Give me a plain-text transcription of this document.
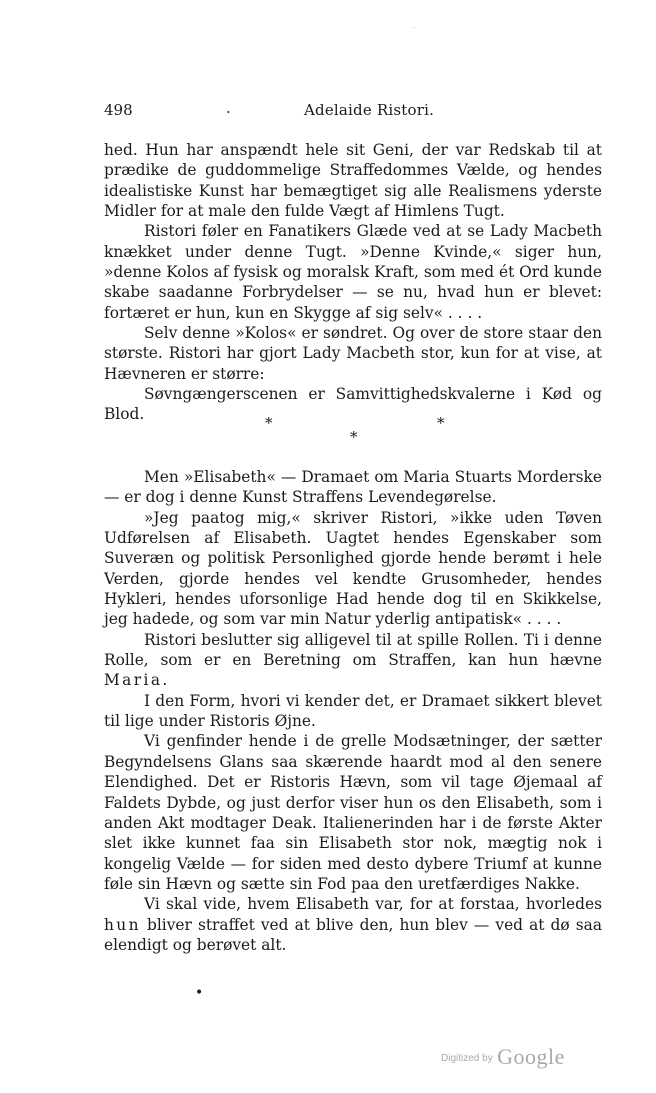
-
498	.	Adelaide Ristori.

hed. Hun har anspændt hele sit Geni, der var Redskab til at prædike de guddommelige Straffedommes Vælde, og hendes idealistiske Kunst har bemægtiget sig alle Realismens yderste Midler for at male den fulde Vægt af Himlens Tugt.

Ristori føler en Fanatikers Glæde ved at se Lady Macbeth knækket under denne Tugt. »Denne Kvinde,« siger hun, »denne Kolos af fysisk og moralsk Kraft, som med ét Ord kunde skabe saadanne Forbrydelser — se nu, hvad hun er blevet: fortæret er hun, kun en Skygge af sig selv« . . . .

Selv denne »Kolos« er søndret. Og over de store staar den største. Ristori har gjort Lady Macbeth stor, kun for at vise, at Hævneren er større:

Søvngængerscenen er Samvittighedskvalerne i Kød og Blod.	*	*
*

Men »Elisabeth« — Dramaet om Maria Stuarts Morderske — er dog i denne Kunst Straffens Levendegørelse.

»Jeg paatog mig,« skriver Ristori, »ikke uden Tøven Udførelsen af Elisabeth. Uagtet hendes Egenskaber som Suveræn og politisk Personlighed gjorde hende berømt i hele Verden, gjorde hendes vel kendte Grusomheder, hendes Hykleri, hendes uforsonlige Had hende dog til en Skikkelse, jeg hadede, og som var min Natur yderlig antipatisk« . . . .

Ristori beslutter sig alligevel til at spille Rollen. Ti i denne Rolle, som er en Beretning om Straffen, kan hun hævne Maria.

I den Form, hvori vi kender det, er Dramaet sikkert blevet til lige under Ristoris Øjne.

Vi genfinder hende i de grelle Modsætninger, der sætter Begyndelsens Glans saa skærende haardt mod al den senere Elendighed. Det er Ristoris Hævn, som vil tage Øjemaal af Faldets Dybde, og just derfor viser hun os den Elisabeth, som i anden Akt modtager Deak. Italienerinden har i de første Akter slet ikke kunnet faa sin Elisabeth stor nok, mægtig nok i kongelig Vælde — for siden med desto dybere Triumf at kunne føle sin Hævn og sætte sin Fod paa den uretfærdiges Nakke.

Vi skal vide, hvem Elisabeth var, for at forstaa, hvorledes hun bliver straffet ved at blive den, hun blev — ved at dø saa elendigt og berøvet alt.

•
Digitized by Google
